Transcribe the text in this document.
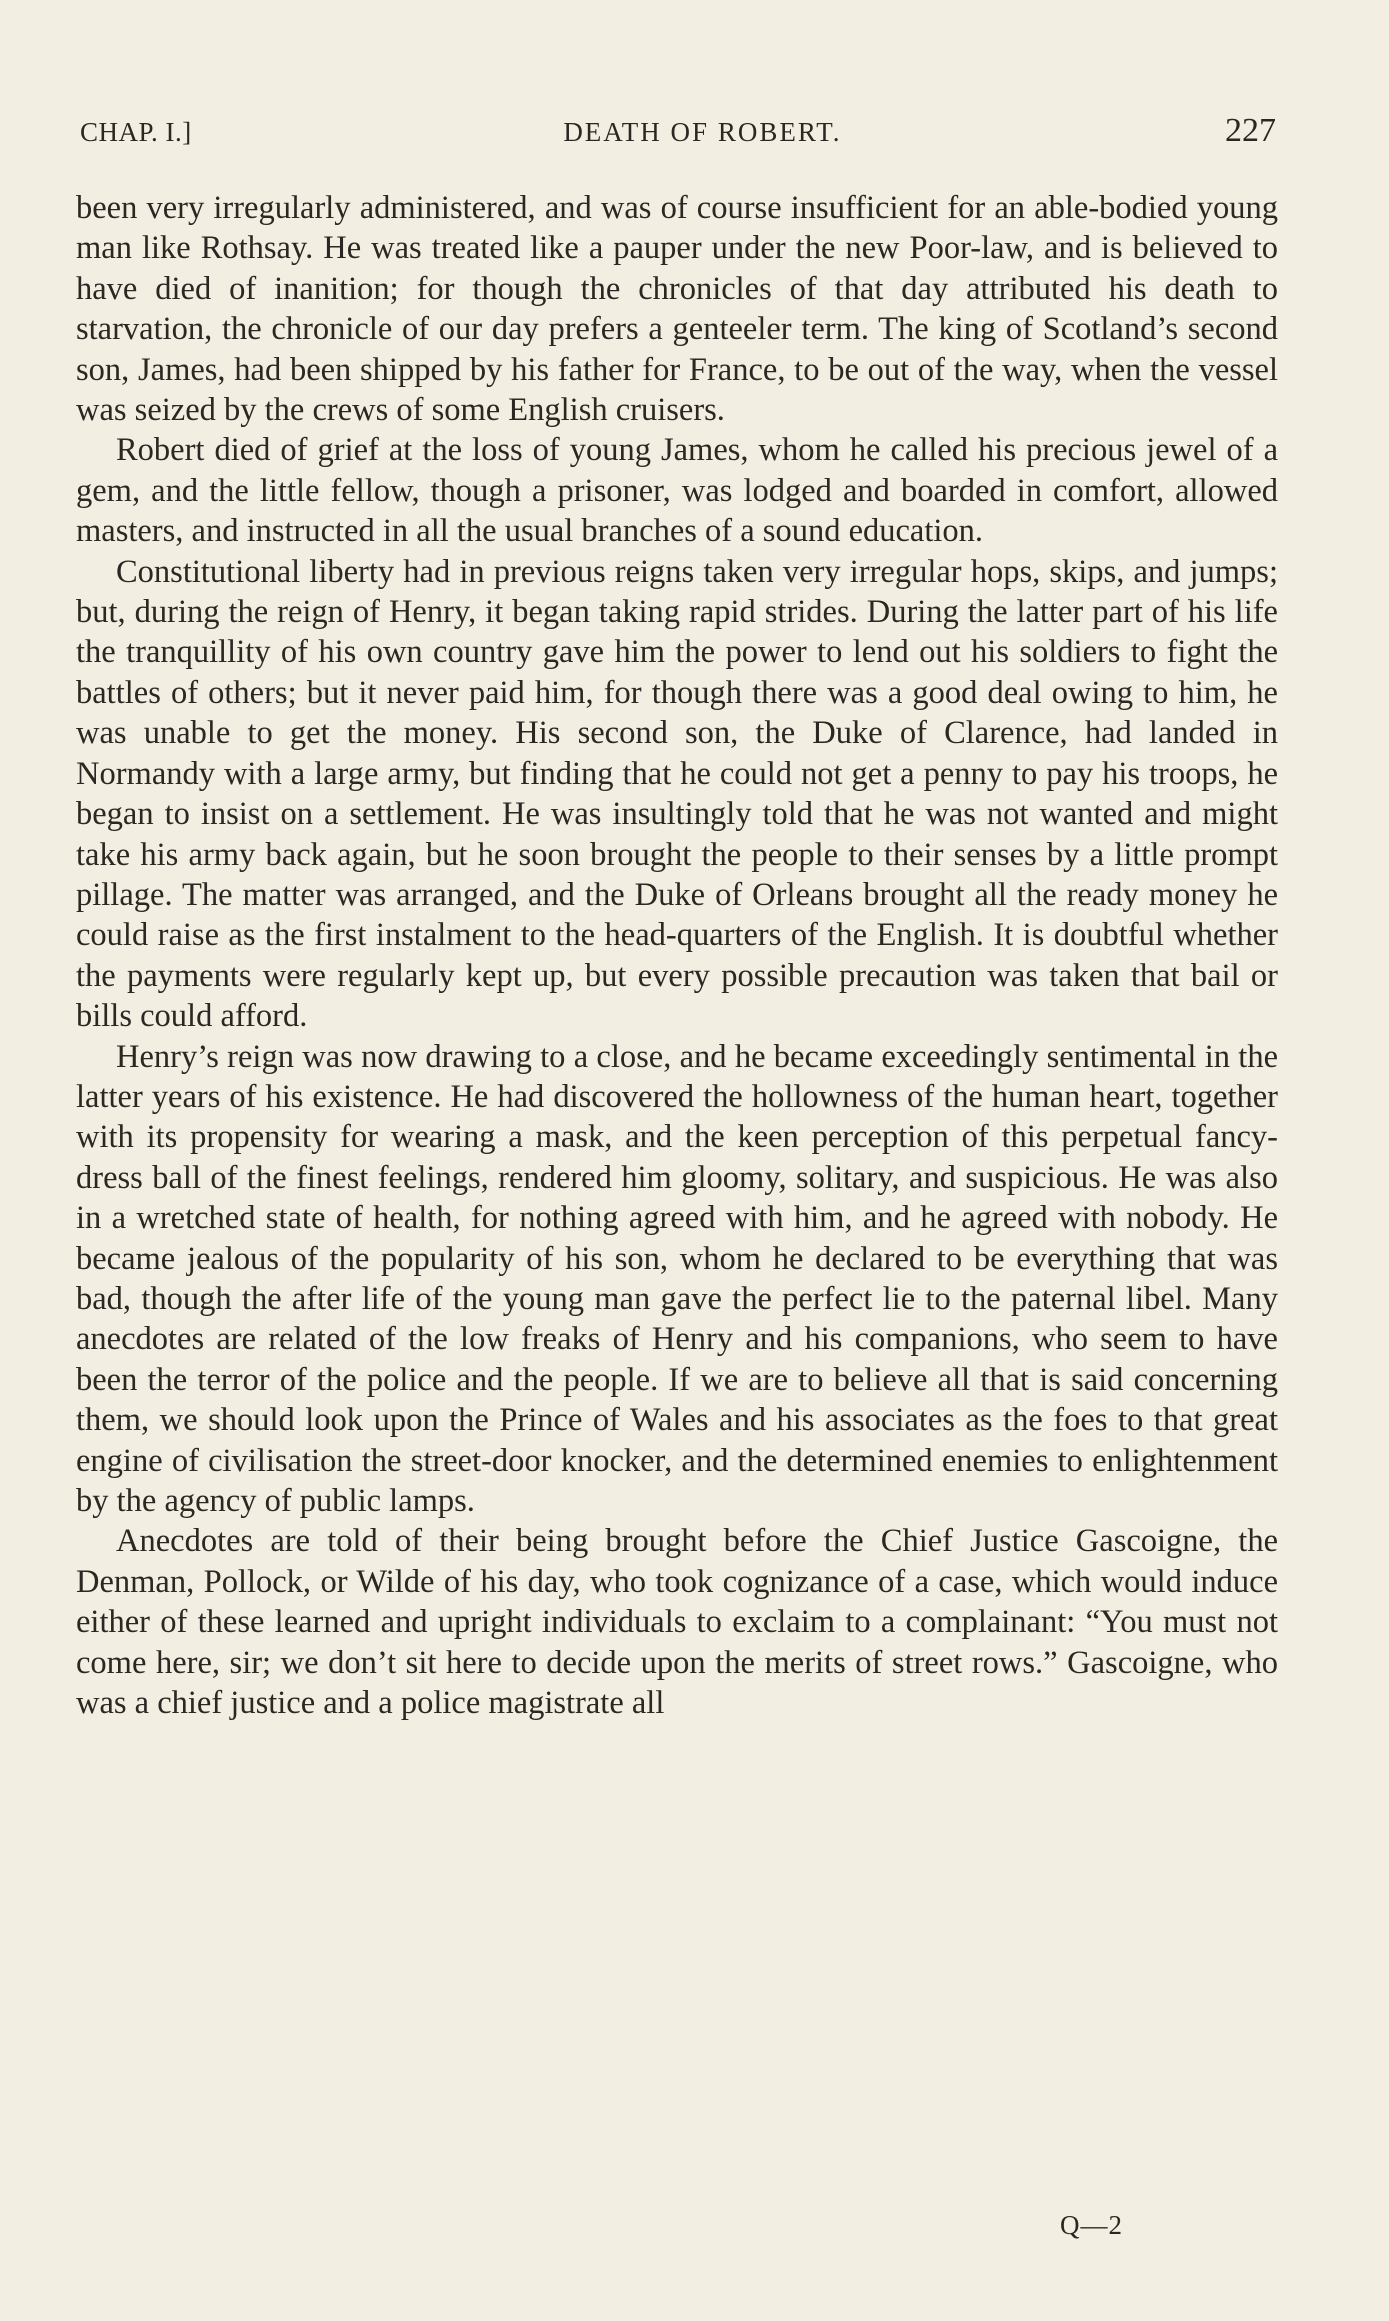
CHAP. I.]	DEATH OF ROBERT.	227

been very irregularly administered, and was of course insufficient for an able-bodied young man like Rothsay. He was treated like a pauper under the new Poor-law, and is believed to have died of inanition; for though the chronicles of that day attributed his death to starvation, the chronicle of our day prefers a genteeler term. The king of Scotland’s second son, James, had been shipped by his father for France, to be out of the way, when the vessel was seized by the crews of some English cruisers.

Robert died of grief at the loss of young James, whom he called his precious jewel of a gem, and the little fellow, though a prisoner, was lodged and boarded in comfort, allowed masters, and instructed in all the usual branches of a sound education.

Constitutional liberty had in previous reigns taken very irregular hops, skips, and jumps; but, during the reign of Henry, it began taking rapid strides. During the latter part of his life the tranquillity of his own country gave him the power to lend out his soldiers to fight the battles of others; but it never paid him, for though there was a good deal owing to him, he was unable to get the money. His second son, the Duke of Clarence, had landed in Normandy with a large army, but finding that he could not get a penny to pay his troops, he began to insist on a settlement. He was insultingly told that he was not wanted and might take his army back again, but he soon brought the people to their senses by a little prompt pillage. The matter was arranged, and the Duke of Orleans brought all the ready money he could raise as the first instalment to the head-quarters of the English. It is doubtful whether the payments were regularly kept up, but every possible precaution was taken that bail or bills could afford.

Henry’s reign was now drawing to a close, and he became exceedingly sentimental in the latter years of his existence. He had discovered the hollowness of the human heart, together with its propensity for wearing a mask, and the keen perception of this perpetual fancy-dress ball of the finest feelings, rendered him gloomy, solitary, and suspicious. He was also in a wretched state of health, for nothing agreed with him, and he agreed with nobody. He became jealous of the popularity of his son, whom he declared to be everything that was bad, though the after life of the young man gave the perfect lie to the paternal libel. Many anecdotes are related of the low freaks of Henry and his companions, who seem to have been the terror of the police and the people. If we are to believe all that is said concerning them, we should look upon the Prince of Wales and his associates as the foes to that great engine of civilisation the street-door knocker, and the determined enemies to enlightenment by the agency of public lamps.

Anecdotes are told of their being brought before the Chief Justice Gascoigne, the Denman, Pollock, or Wilde of his day, who took cognizance of a case, which would induce either of these learned and upright individuals to exclaim to a complainant: “You must not come here, sir; we don’t sit here to decide upon the merits of street rows.” Gascoigne, who was a chief justice and a police magistrate all

Q—2
